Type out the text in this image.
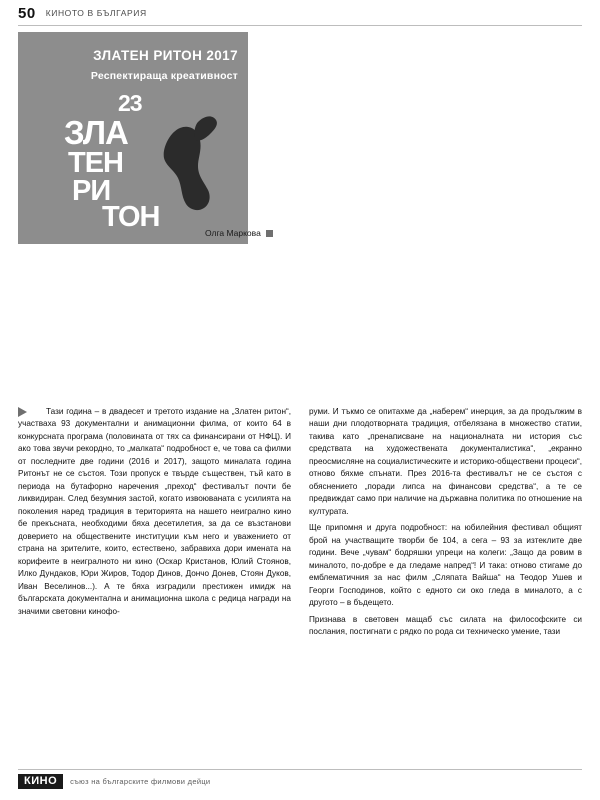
50 КИНОТО В БЪЛГАРИЯ
ЗЛАТЕН РИТОН 2017
Респектираща креативност
23
ЗЛА
ТЕН
РИ
ТОН	Олга Маркова

Тази година – в двадесет и третото издание на „Златен ритон“, участваха 93 документални и анимационни филма, от които 64 в конкурсната програма (половината от тях са финансирани от НФЦ). И ако това звучи рекордно, то „малката“ подробност е, че това са филми от последните две години (2016 и 2017), защото миналата година Ритонът не се състоя. Този пропуск е твърде съществен, тъй като в периода на бутафорно наречения „преход“ фестивалът почти бе ликвидиран. След безумния застой, когато извоюваната с усилията на поколения наред традиция в територията на нашето неигрално кино бе прекъсната, необходими бяха десетилетия, за да се възстанови доверието на обществените институции към него и уважението от страна на зрителите, които, естествено, забравиха дори имената на корифеите в неигралното ни кино (Оскар Кристанов, Юлий Стоянов, Илко Дундаков, Юри Жиров, Тодор Динов, Дончо Донев, Стоян Дуков, Иван Веселинов...). А те бяха изградили престижен имидж на българската документална и анимационна школа с редица награди на значими световни кинофо-

руми. И тъкмо се опитахме да „наберем“ инерция, за да продължим в наши дни плодотворната традиция, отбелязана в множество статии, такива като „пренаписване на националната ни история със средствата на художествената документалистика“, „екранно преосмисляне на социалистическите и историко-обществени процеси“, отново бяхме спънати. През 2016-та фестивалът не се състоя с обяснението „поради липса на финансови средства“, а те се предвиждат само при наличие на държавна политика по отношение на културата.

Ще припомня и друга подробност: на юбилейния фестивал общият брой на участващите творби бе 104, а сега – 93 за изтеклите две години. Вече „чувам“ бодряшки упреци на колеги: „Защо да ровим в миналото, по-добре е да гледаме напред“! И така: отново стигаме до емблематичния за нас филм „Сляпата Вайша“ на Теодор Ушев и Георги Господинов, който с едното си око гледа в миналото, а с другото – в бъдещето.

Признава в световен мащаб със силата на философските си послания, постигнати с рядко по рода си техническо умение, тази

КИНО	съюз на българските филмови дейци
